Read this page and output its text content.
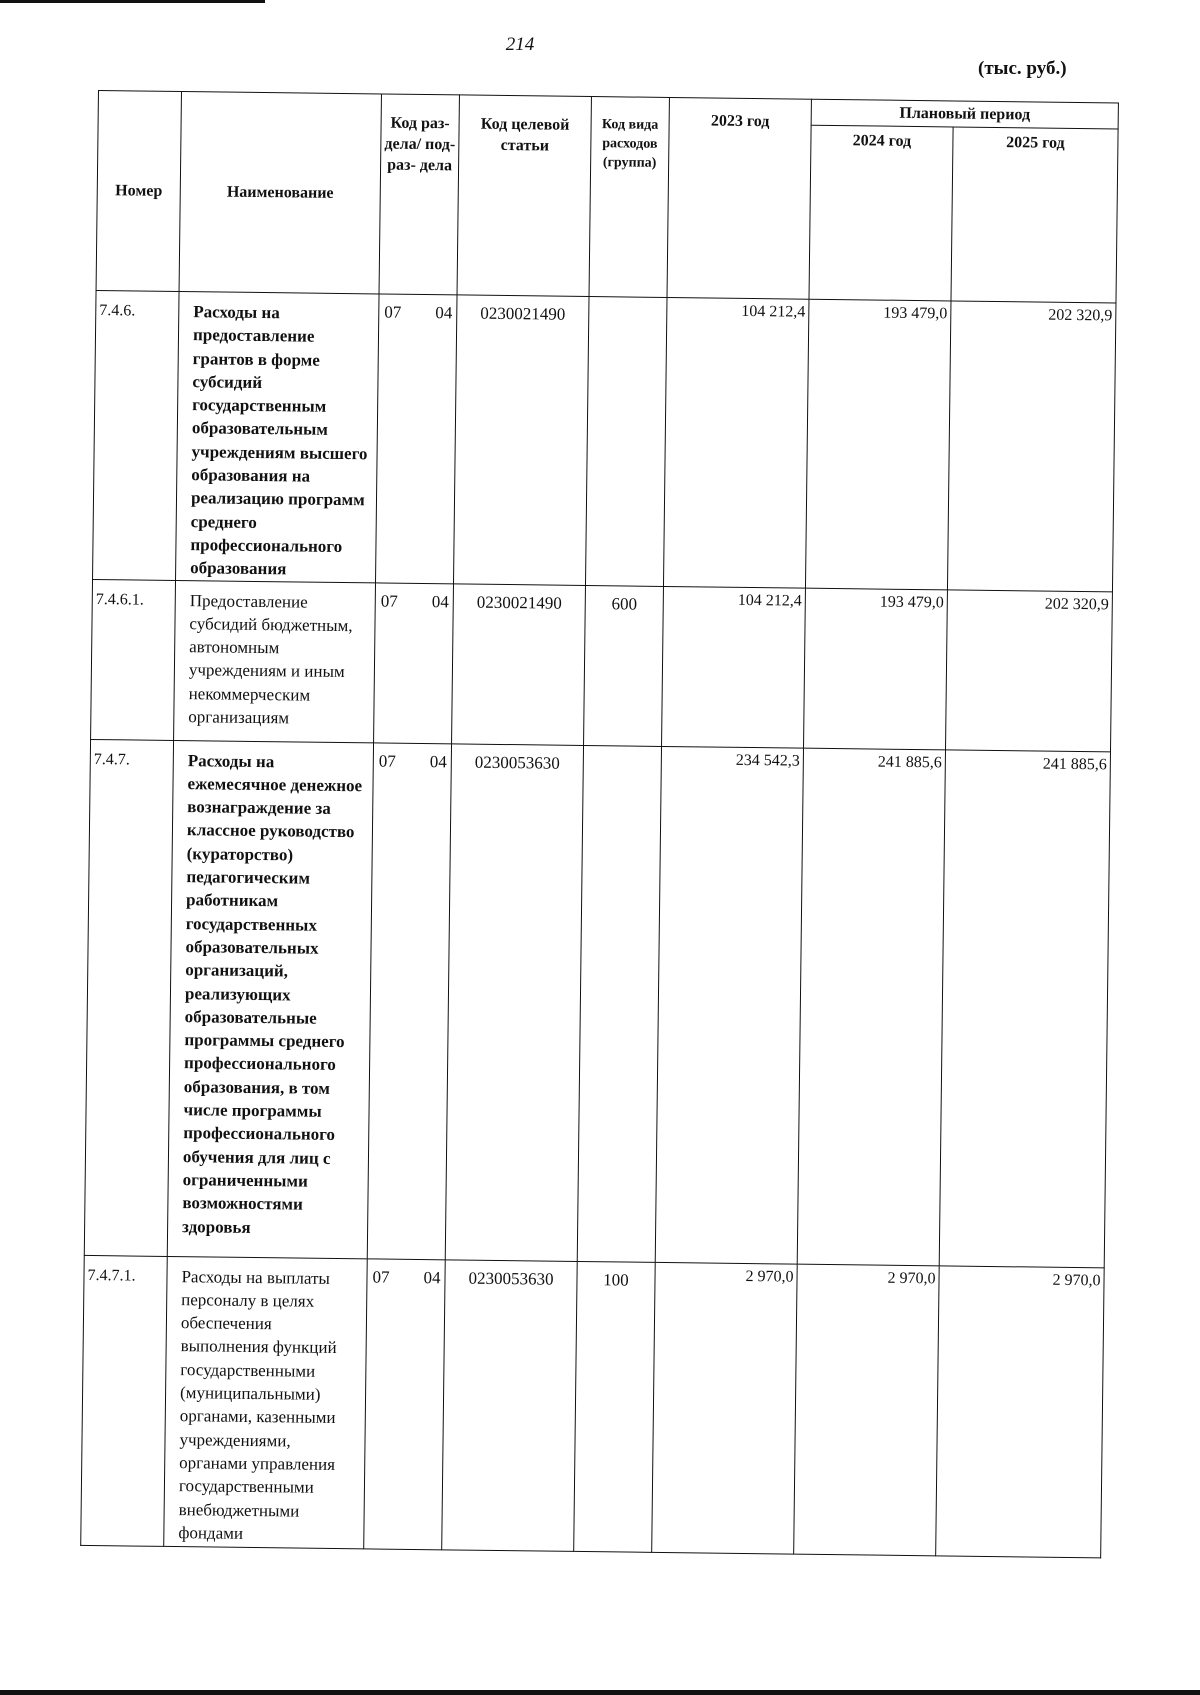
214
(тыс. руб.)
Номер	Наименование	Код раз- дела/ под- раз- дела	Код целевой статьи	Код вида расходов (группа)	2023 год	Плановый период	
						2024 год	2025 год
7.4.6.	Расходы на предоставление грантов в форме субсидий государственным образовательным учреждениям высшего образования на реализацию программ среднего профессионального образования	07 04	0230021490		104 212,4	193 479,0	202 320,9
7.4.6.1.	Предоставление субсидий бюджетным, автономным учреждениям и иным некоммерческим организациям	07 04	0230021490	600	104 212,4	193 479,0	202 320,9
7.4.7.	Расходы на ежемесячное денежное вознаграждение за классное руководство (кураторство) педагогическим работникам государственных образовательных организаций, реализующих образовательные программы среднего профессионального образования, в том числе программы профессионального обучения для лиц с ограниченными возможностями здоровья	07 04	0230053630		234 542,3	241 885,6	241 885,6
7.4.7.1.	Расходы на выплаты персоналу в целях обеспечения выполнения функций государственными (муниципальными) органами, казенными учреждениями, органами управления государственными внебюджетными фондами	07 04	0230053630	100	2 970,0	2 970,0	2 970,0
